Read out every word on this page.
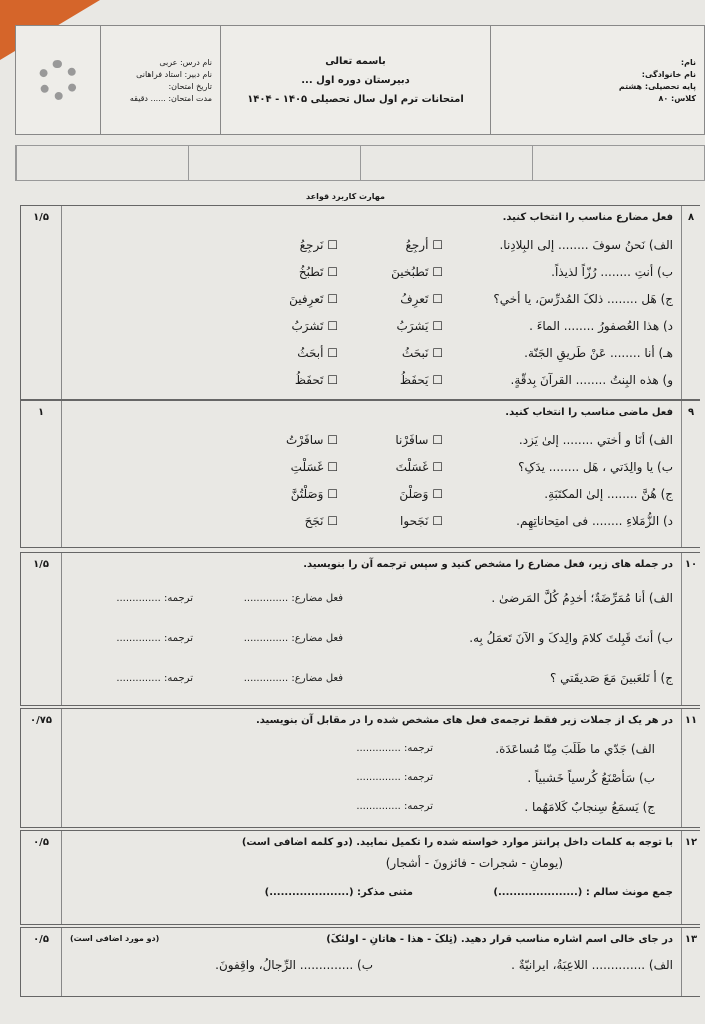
نام درس: عربی
نام دبیر: استاد فراهانی
تاریخ امتحان:
مدت امتحان: ...... دقیقه
باسمه تعالی
دبیرستان دوره اول ...
امتحانات ترم اول سال تحصیلی ۱۴۰۵ - ۱۴۰۴
نام:
نام خانوادگی:
پایه تحصیلی: هشتم
کلاس: ۸۰
مهارت کاربرد قواعد
۸
فعل مضارع مناسب را انتخاب کنید.
الف) نَحنُ سوفَ ........ إلی البِلادِنا.
☐ أرجِعُ
☐ نَرجِعُ
ب) أنتِ ........ رُزّاً لذیذاً.
☐ تَطبُخینَ
☐ تَطبُخُ
ج) هَل ........ ذلکَ المُدرِّسَ، یا أخي؟
☐ تَعرِفُ
☐ تَعرِفینَ
د) هذا العُصفورُ ........ الماءَ .
☐ یَشرَبُ
☐ تَشرَبُ
هـ) أنا ........ عَنْ طَریقِ الجَنّة.
☐ نَبحَثُ
☐ أبحَثُ
و) هذه البِنتُ ........ القرآنَ بِدقّةٍ.
☐ یَحفَظُ
☐ تَحفَظُ
۱/۵
۹
فعل ماضی مناسب را انتخاب کنید.
الف) أنَا و أختي ........ إلیٰ یَزد.
☐ سافَرْنا
☐ سافَرْتُ
ب) یا والِدَتي ، هَل ........ یدَکِ؟
☐ غَسَلْتَ
☐ غَسَلْتِ
ج) هُنَّ ........ إلیٰ المکتَبَةِ.
☐ وَصَلْنَ
☐ وَصَلْتُنَّ
د) الزُّمَلاءِ ........ فی امتِحاناتِهِم.
☐ نَجَحوا
☐ نَجَحَ
۱
۱۰
در جمله های زیر، فعل مضارع را مشخص کنید و سپس ترجمه آن را بنویسید.
الف) أنا مُمَرِّضَةٌ؛ أخدِمُ کُلَّ المَرضیٰ .
فعل مضارع: ..............
ترجمه: ..............
ب) أنتَ قَبِلتَ کلامَ والِدکَ و الآنَ تَعمَلُ بِه.
فعل مضارع: ..............
ترجمه: ..............
ج) أ تَلعَبینَ مَعَ صَدیقَتي ؟
فعل مضارع: ..............
ترجمه: ..............
۱/۵
۱۱
در هر یک از جملات زیر فقط ترجمه‌ی فعل های مشخص شده را در مقابل آن بنویسید.
الف) جَدّي ما طَلَبَ مِنّا مُساعَدَة.
ترجمه: ..............
ب) سَأصْنَعُ کُرسیاً خَشبیاً .
ترجمه: ..............
ج) یَسمَعُ سِنجابٌ کَلامَهُما .
ترجمه: ..............
۰/۷۵
۱۲
با توجه به کلمات داخل پرانتز موارد خواسته شده را تکمیل نمایید. (دو کلمه اضافی است)
(یومانِ - شجرات - فائزونَ - أشجار)
جمع مونث سالم : (.....................)
مثنی مذکر: (.....................)
۰/۵
۱۳
در جای خالی اسم اشاره مناسب قرار دهید. (تِلکَ - هذا - هاتانِ - اولئکَ)
(دو مورد اضافی است)
الف) .............. اللاعِبَةُ، ایرانیّةٌ .
ب) .............. الرِّجالُ، واقِفونَ.
۰/۵
